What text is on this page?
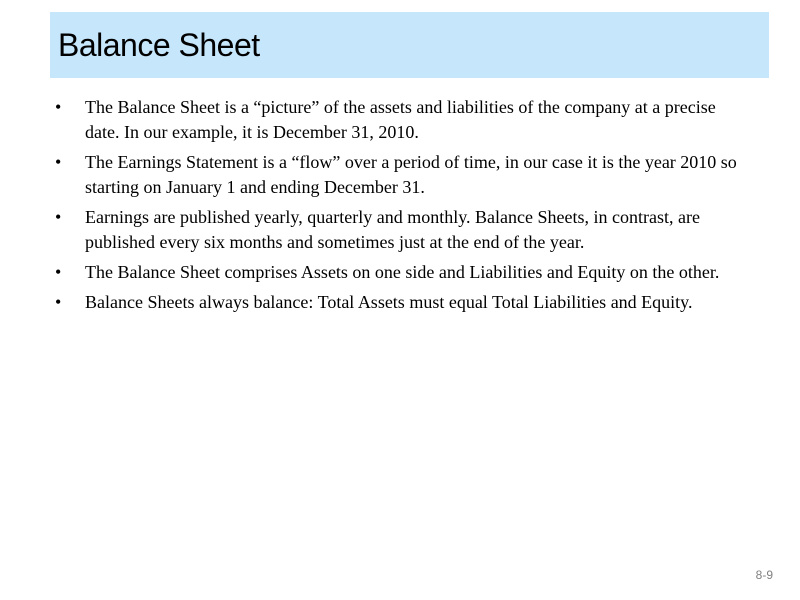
Balance Sheet
• The Balance Sheet is a “picture” of the assets and liabilities of the company at a precise date. In our example, it is December 31, 2010.
• The Earnings Statement is a “flow” over a period of time, in our case it is the year 2010 so starting on January 1 and ending December 31.
• Earnings are published yearly, quarterly and monthly. Balance Sheets, in contrast, are published every six months and sometimes just at the end of the year.
• The Balance Sheet comprises Assets on one side and Liabilities and Equity on the other.
• Balance Sheets always balance: Total Assets must equal Total Liabilities and Equity.
8-9
